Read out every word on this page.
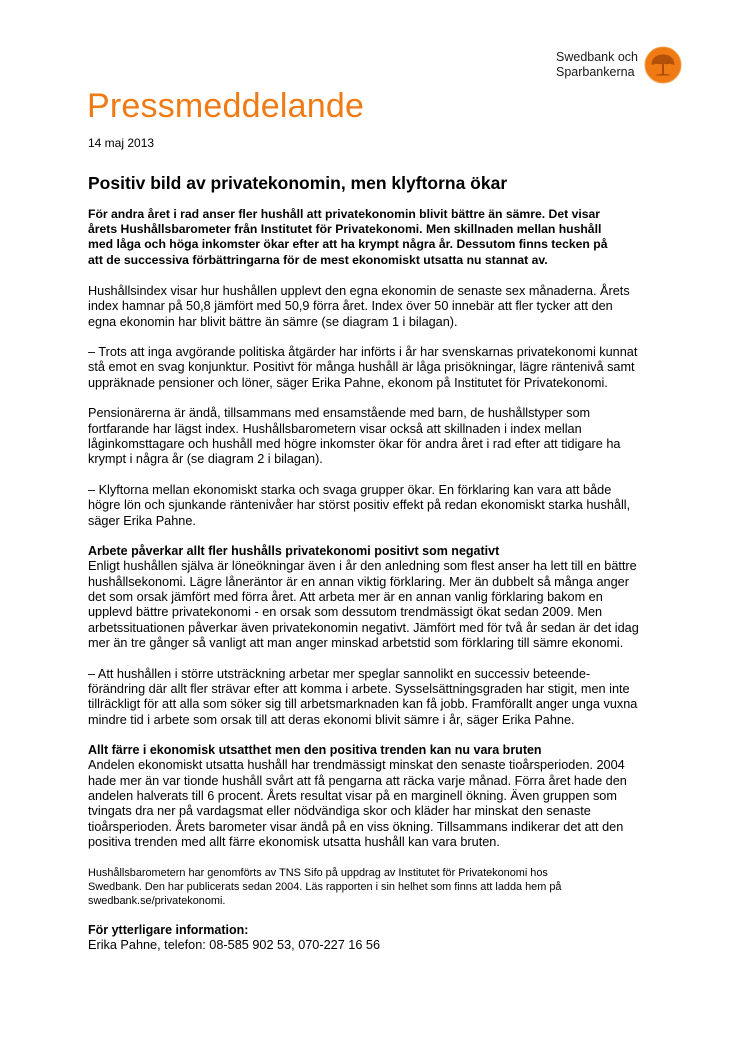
Swedbank och
Sparbankerna
Pressmeddelande
14 maj 2013
Positiv bild av privatekonomin, men klyftorna ökar

För andra året i rad anser fler hushåll att privatekonomin blivit bättre än sämre. Det visar

årets Hushållsbarometer från Institutet för Privatekonomi. Men skillnaden mellan hushåll

med låga och höga inkomster ökar efter att ha krympt några år. Dessutom finns tecken på

att de successiva förbättringarna för de mest ekonomiskt utsatta nu stannat av.

Hushållsindex visar hur hushållen upplevt den egna ekonomin de senaste sex månaderna. Årets

index hamnar på 50,8 jämfört med 50,9 förra året. Index över 50 innebär att fler tycker att den

egna ekonomin har blivit bättre än sämre (se diagram 1 i bilagan).

– Trots att inga avgörande politiska åtgärder har införts i år har svenskarnas privatekonomi kunnat

stå emot en svag konjunktur. Positivt för många hushåll är låga prisökningar, lägre räntenivå samt

uppräknade pensioner och löner, säger Erika Pahne, ekonom på Institutet för Privatekonomi.

Pensionärerna är ändå, tillsammans med ensamstående med barn, de hushållstyper som

fortfarande har lägst index. Hushållsbarometern visar också att skillnaden i index mellan

låginkomsttagare och hushåll med högre inkomster ökar för andra året i rad efter att tidigare ha

krympt i några år (se diagram 2 i bilagan).

– Klyftorna mellan ekonomiskt starka och svaga grupper ökar. En förklaring kan vara att både

högre lön och sjunkande räntenivåer har störst positiv effekt på redan ekonomiskt starka hushåll,

säger Erika Pahne.

Arbete påverkar allt fler hushålls privatekonomi positivt som negativt

Enligt hushållen själva är löneökningar även i år den anledning som flest anser ha lett till en bättre

hushållsekonomi. Lägre låneräntor är en annan viktig förklaring. Mer än dubbelt så många anger

det som orsak jämfört med förra året. Att arbeta mer är en annan vanlig förklaring bakom en

upplevd bättre privatekonomi - en orsak som dessutom trendmässigt ökat sedan 2009. Men

arbetssituationen påverkar även privatekonomin negativt. Jämfört med för två år sedan är det idag

mer än tre gånger så vanligt att man anger minskad arbetstid som förklaring till sämre ekonomi.

– Att hushållen i större utsträckning arbetar mer speglar sannolikt en successiv beteende-

förändring där allt fler strävar efter att komma i arbete. Sysselsättningsgraden har stigit, men inte

tillräckligt för att alla som söker sig till arbetsmarknaden kan få jobb. Framförallt anger unga vuxna

mindre tid i arbete som orsak till att deras ekonomi blivit sämre i år, säger Erika Pahne.

Allt färre i ekonomisk utsatthet men den positiva trenden kan nu vara bruten

Andelen ekonomiskt utsatta hushåll har trendmässigt minskat den senaste tioårsperioden. 2004

hade mer än var tionde hushåll svårt att få pengarna att räcka varje månad. Förra året hade den

andelen halverats till 6 procent. Årets resultat visar på en marginell ökning. Även gruppen som

tvingats dra ner på vardagsmat eller nödvändiga skor och kläder har minskat den senaste

tioårsperioden. Årets barometer visar ändå på en viss ökning. Tillsammans indikerar det att den

positiva trenden med allt färre ekonomisk utsatta hushåll kan vara bruten.

Hushållsbarometern har genomförts av TNS Sifo på uppdrag av Institutet för Privatekonomi hos

Swedbank. Den har publicerats sedan 2004. Läs rapporten i sin helhet som finns att ladda hem på

swedbank.se/privatekonomi.

För ytterligare information:

Erika Pahne, telefon: 08-585 902 53, 070-227 16 56
